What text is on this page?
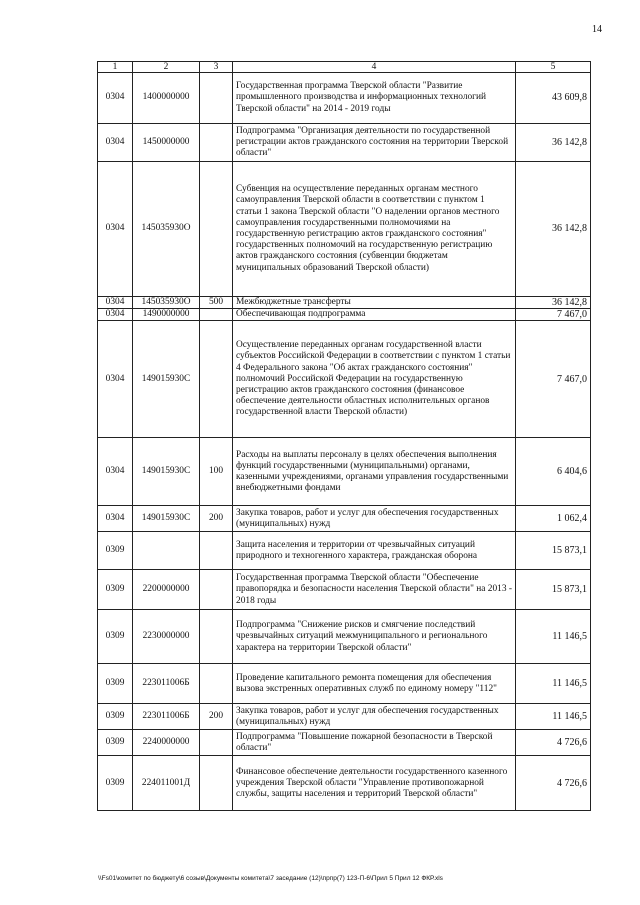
14
1	2	3	4	5
0304	1400000000		Государственная программа Тверской области "Развитие промышленного производства и информационных технологий Тверской области" на 2014 - 2019 годы	43 609,8
0304	1450000000		Подпрограмма "Организация деятельности по государственной регистрации актов гражданского состояния на территории Тверской области"	36 142,8
0304	145035930О		Субвенция на осуществление переданных органам местного самоуправления Тверской области в соответствии с пунктом 1 статьи 1 закона Тверской области "О наделении органов местного самоуправления государственными полномочиями на государственную регистрацию актов гражданского состояния" государственных полномочий на государственную регистрацию актов гражданского состояния (субвенции бюджетам муниципальных образований Тверской области)	36 142,8
0304	145035930О	500	Межбюджетные трансферты	36 142,8
0304	1490000000		Обеспечивающая подпрограмма	7 467,0
0304	149015930С		Осуществление переданных органам государственной власти субъектов Российской Федерации в соответствии с пунктом 1 статьи 4 Федерального закона "Об актах гражданского состояния" полномочий Российской Федерации на государственную регистрацию актов гражданского состояния (финансовое обеспечение деятельности областных исполнительных органов государственной власти Тверской области)	7 467,0
0304	149015930С	100	Расходы на выплаты персоналу в целях обеспечения выполнения функций государственными (муниципальными) органами, казенными учреждениями, органами управления государственными внебюджетными фондами	6 404,6
0304	149015930С	200	Закупка товаров, работ и услуг для обеспечения государственных (муниципальных) нужд	1 062,4
0309			Защита населения и территории от чрезвычайных ситуаций природного и техногенного характера, гражданская оборона	15 873,1
0309	2200000000		Государственная программа Тверской области "Обеспечение правопорядка и безопасности населения Тверской области" на 2013 - 2018 годы	15 873,1
0309	2230000000		Подпрограмма "Снижение рисков и смягчение последствий чрезвычайных ситуаций межмуниципального и регионального характера на территории Тверской области"	11 146,5
0309	223011006Б		Проведение капитального ремонта помещения для обеспечения вызова экстренных оперативных служб по единому номеру "112"	11 146,5
0309	223011006Б	200	Закупка товаров, работ и услуг для обеспечения государственных (муниципальных) нужд	11 146,5
0309	2240000000		Подпрограмма "Повышение пожарной безопасности в Тверской области"	4 726,6
0309	224011001Д		Финансовое обеспечение деятельности государственного казенного учреждения Тверской области "Управление противопожарной службы, защиты населения и территорий Тверской области"	4 726,6
\\Fs01\комитет по бюджету\6 созыв\Документы комитета\7 заседание (12)\прпр(7) 123-П-6\Прил 5 Прил 12 ФКР.xls
